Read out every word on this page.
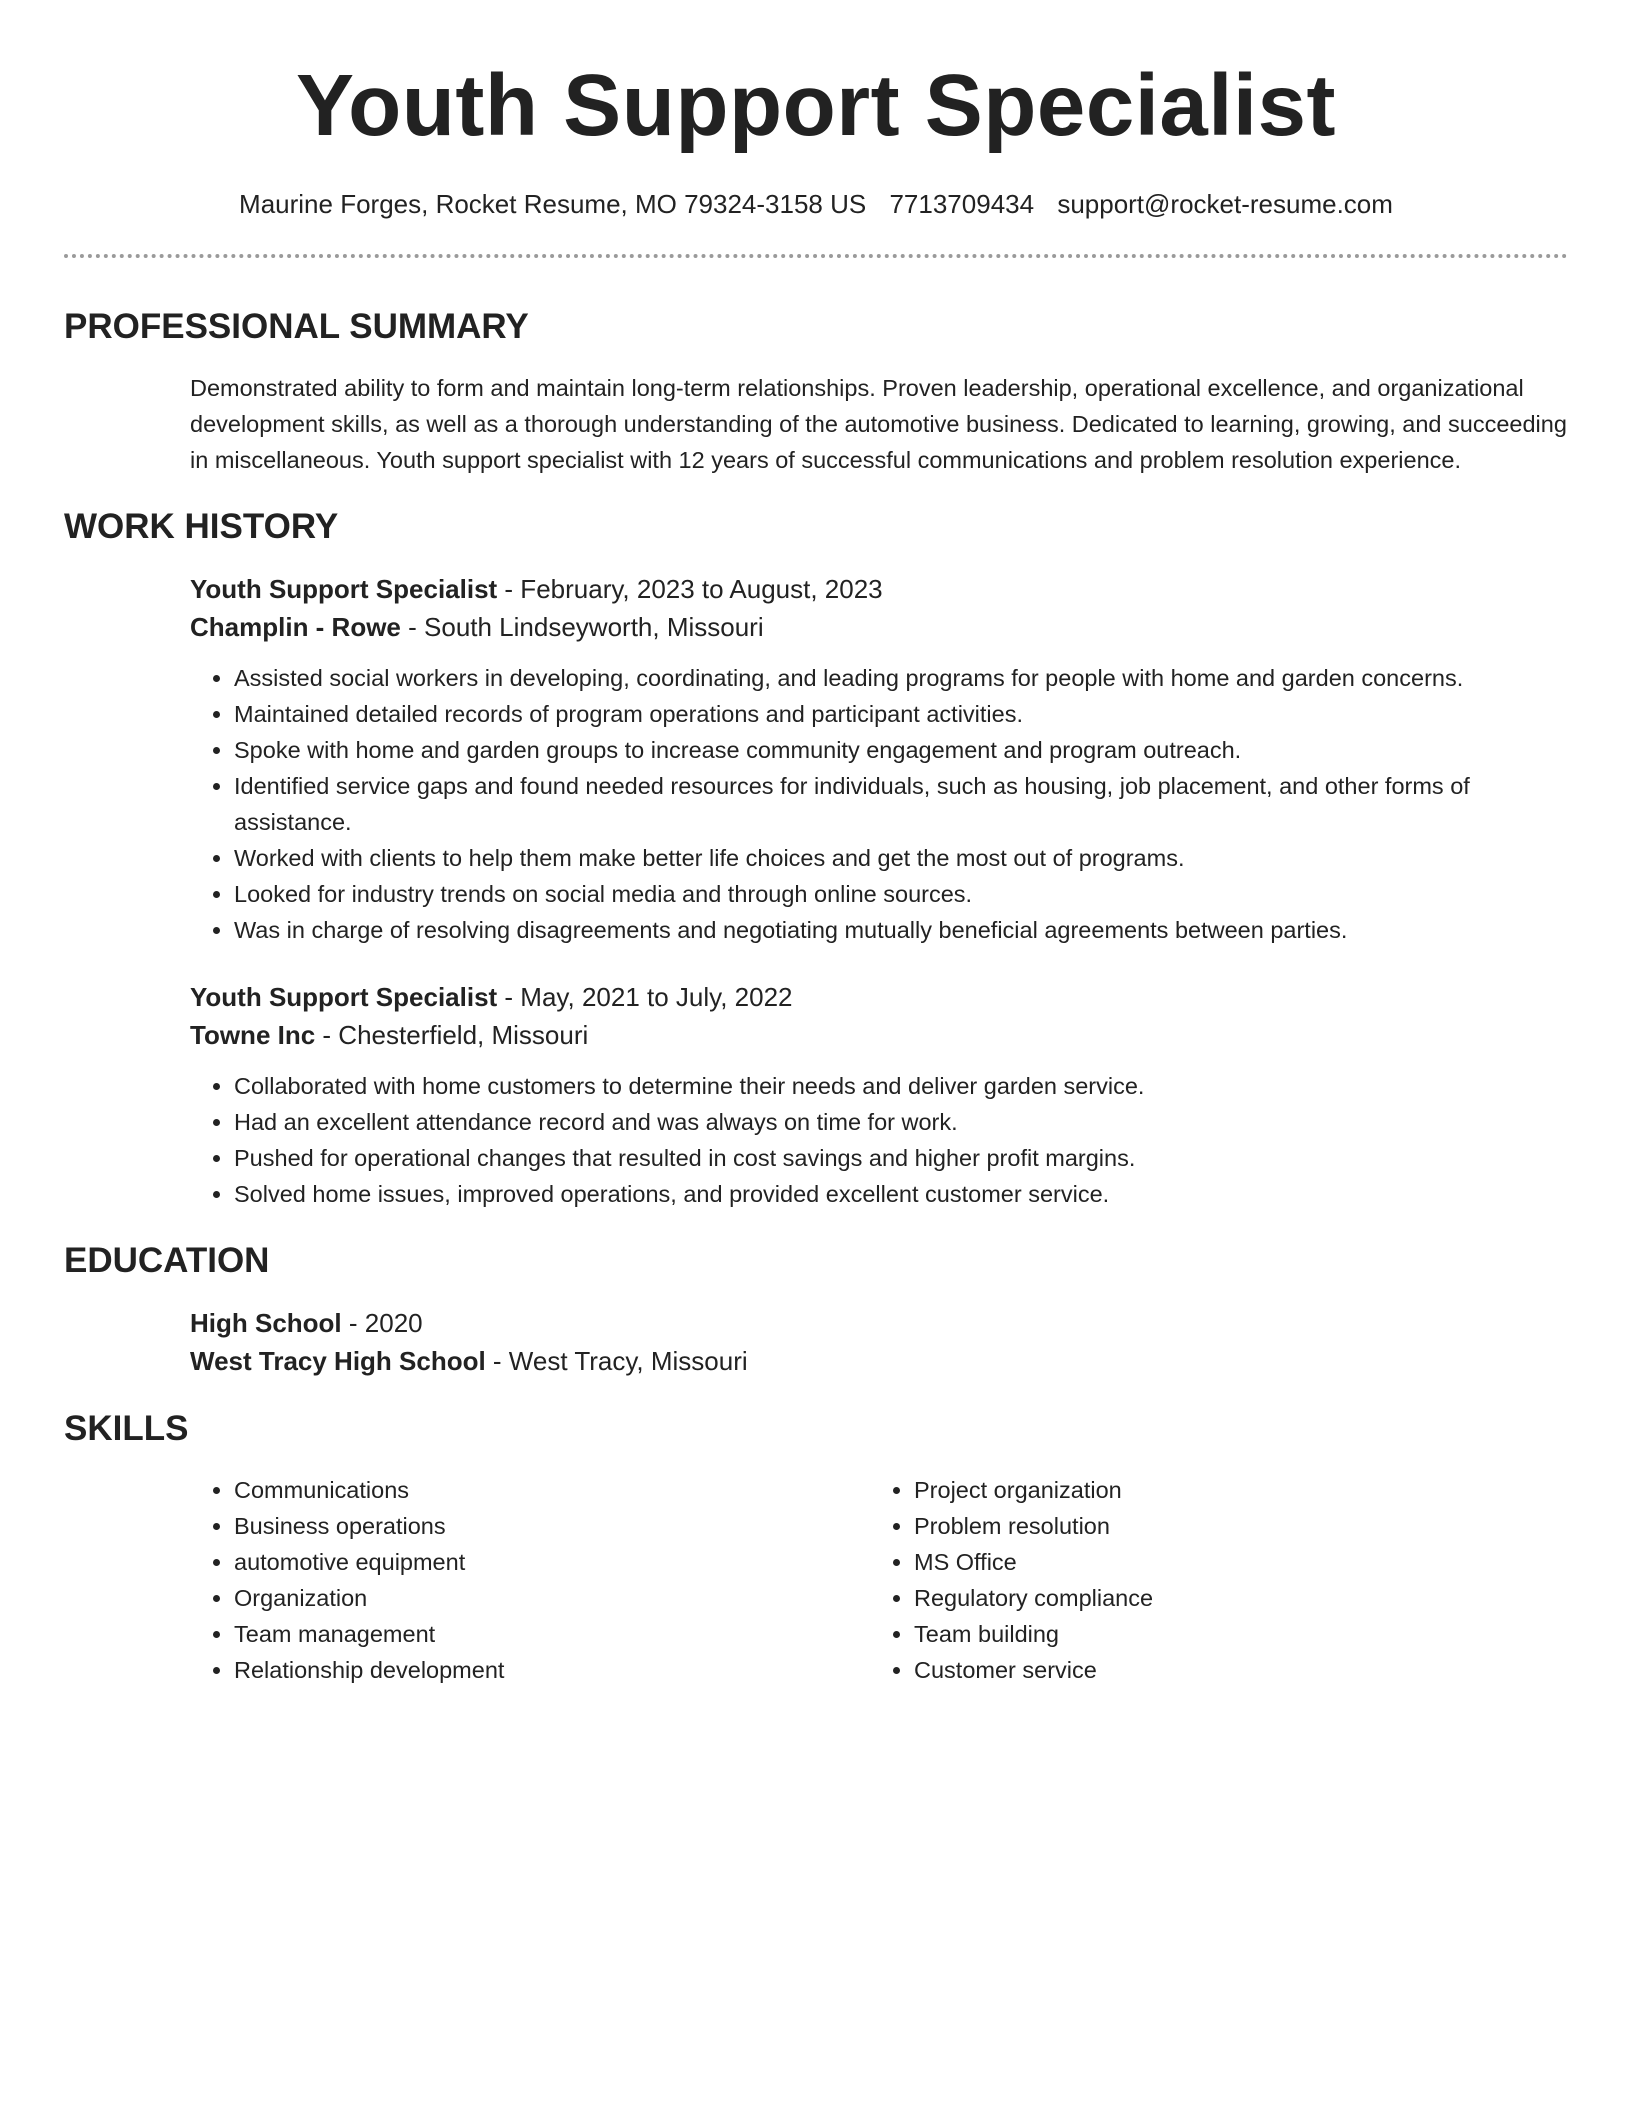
Youth Support Specialist
Maurine Forges, Rocket Resume, MO 79324-3158 US 7713709434 support@rocket-resume.com
PROFESSIONAL SUMMARY

Demonstrated ability to form and maintain long-term relationships. Proven leadership, operational excellence, and organizational development skills, as well as a thorough understanding of the automotive business. Dedicated to learning, growing, and succeeding in miscellaneous. Youth support specialist with 12 years of successful communications and problem resolution experience.

WORK HISTORY
Youth Support Specialist - February, 2023 to August, 2023
Champlin - Rowe - South Lindseyworth, Missouri
• Assisted social workers in developing, coordinating, and leading programs for people with home and garden concerns.
• Maintained detailed records of program operations and participant activities.
• Spoke with home and garden groups to increase community engagement and program outreach.
• Identified service gaps and found needed resources for individuals, such as housing, job placement, and other forms of assistance.
• Worked with clients to help them make better life choices and get the most out of programs.
• Looked for industry trends on social media and through online sources.
• Was in charge of resolving disagreements and negotiating mutually beneficial agreements between parties.
Youth Support Specialist - May, 2021 to July, 2022
Towne Inc - Chesterfield, Missouri
• Collaborated with home customers to determine their needs and deliver garden service.
• Had an excellent attendance record and was always on time for work.
• Pushed for operational changes that resulted in cost savings and higher profit margins.
• Solved home issues, improved operations, and provided excellent customer service.
EDUCATION
High School - 2020
West Tracy High School - West Tracy, Missouri
SKILLS
• Communications
• Business operations
• automotive equipment
• Organization
• Team management
• Relationship development
• Project organization
• Problem resolution
• MS Office
• Regulatory compliance
• Team building
• Customer service
